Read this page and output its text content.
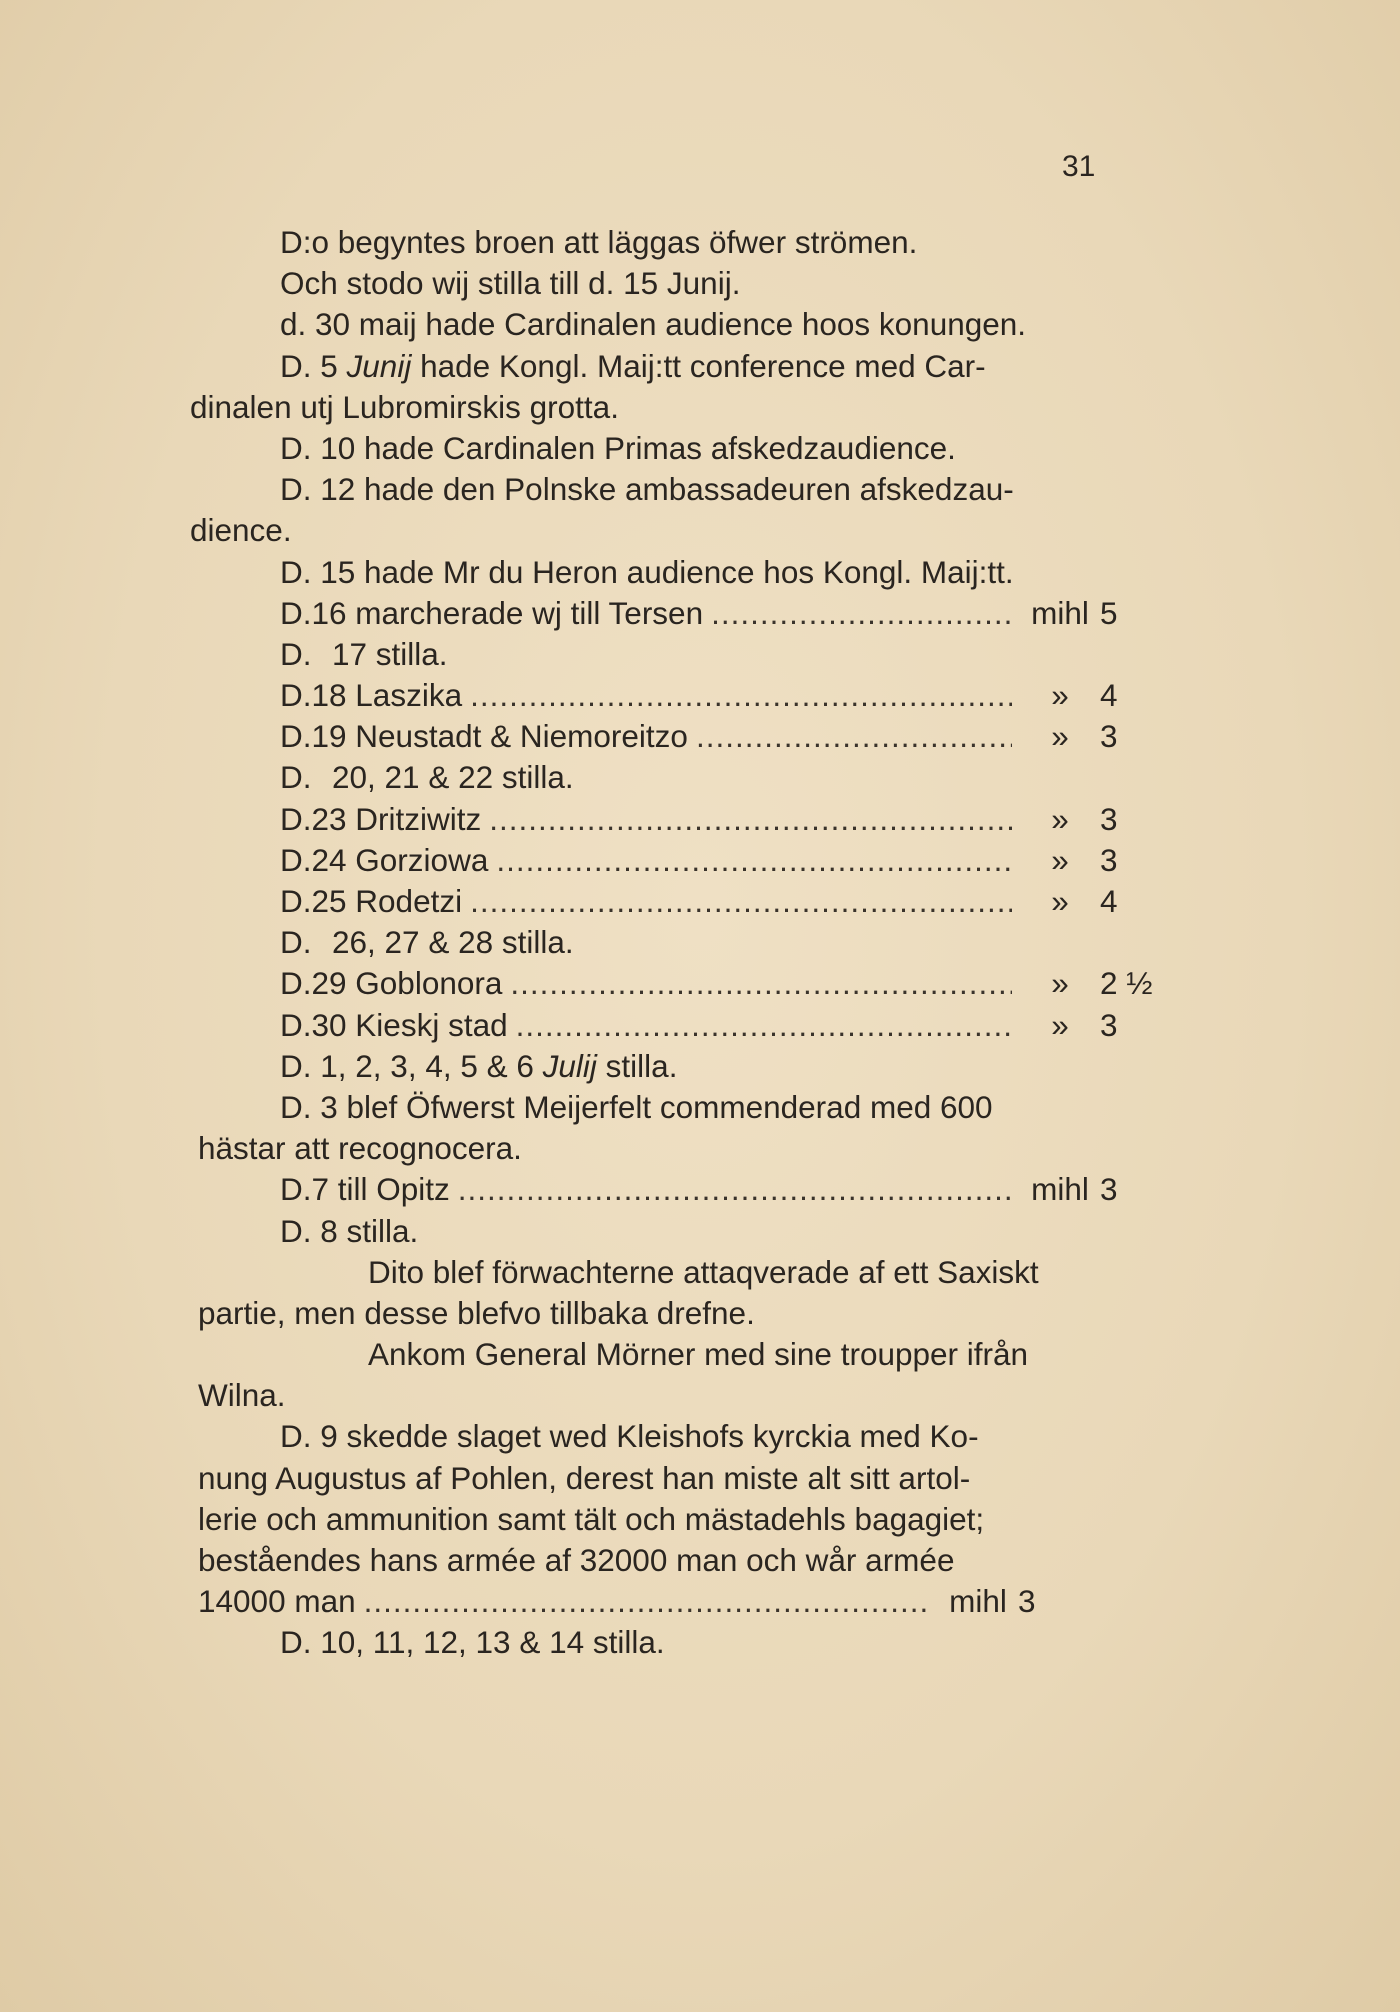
31
D:o begyntes broen att läggas öfwer strömen.
Och stodo wij stilla till d. 15 Junij.
d. 30 maij hade Cardinalen audience hoos konungen.
D. 5 Junij hade Kongl. Maij:tt conference med Car-
dinalen utj Lubromirskis grotta.
D. 10 hade Cardinalen Primas afskedzaudience.
D. 12 hade den Polnske ambassadeuren afskedzau-
dience.
D. 15 hade Mr du Heron audience hos Kongl. Maij:tt.
D. 16 marcherade wj till Tersen .....	mihl 5
D. 17 stilla.
D. 18 Laszika .....	» 4
D. 19 Neustadt & Niemoreitzo .....	» 3
D. 20, 21 & 22 stilla.
D. 23 Dritziwitz .....	» 3
D. 24 Gorziowa .....	» 3
D. 25 Rodetzi .....	» 4
D. 26, 27 & 28 stilla.
D. 29 Goblonora .....	» 2 ½
D. 30 Kieskj stad .....	» 3
D. 1, 2, 3, 4, 5 & 6 Julij stilla.
D. 3 blef Öfwerst Meijerfelt commenderad med 600
hästar att recognocera.
D. 7 till Opitz .....	mihl 3
D. 8 stilla.
Dito blef förwachterne attaqverade af ett Saxiskt
partie, men desse blefvo tillbaka drefne.
Ankom General Mörner med sine troupper ifrån
Wilna.
D. 9 skedde slaget wed Kleishofs kyrckia med Ko-
nung Augustus af Pohlen, derest han miste alt sitt artol-
lerie och ammunition samt tält och mästadehls bagagiet;
beståendes hans armée af 32000 man och wår armée
14000 man .....	mihl 3
D. 10, 11, 12, 13 & 14 stilla.
